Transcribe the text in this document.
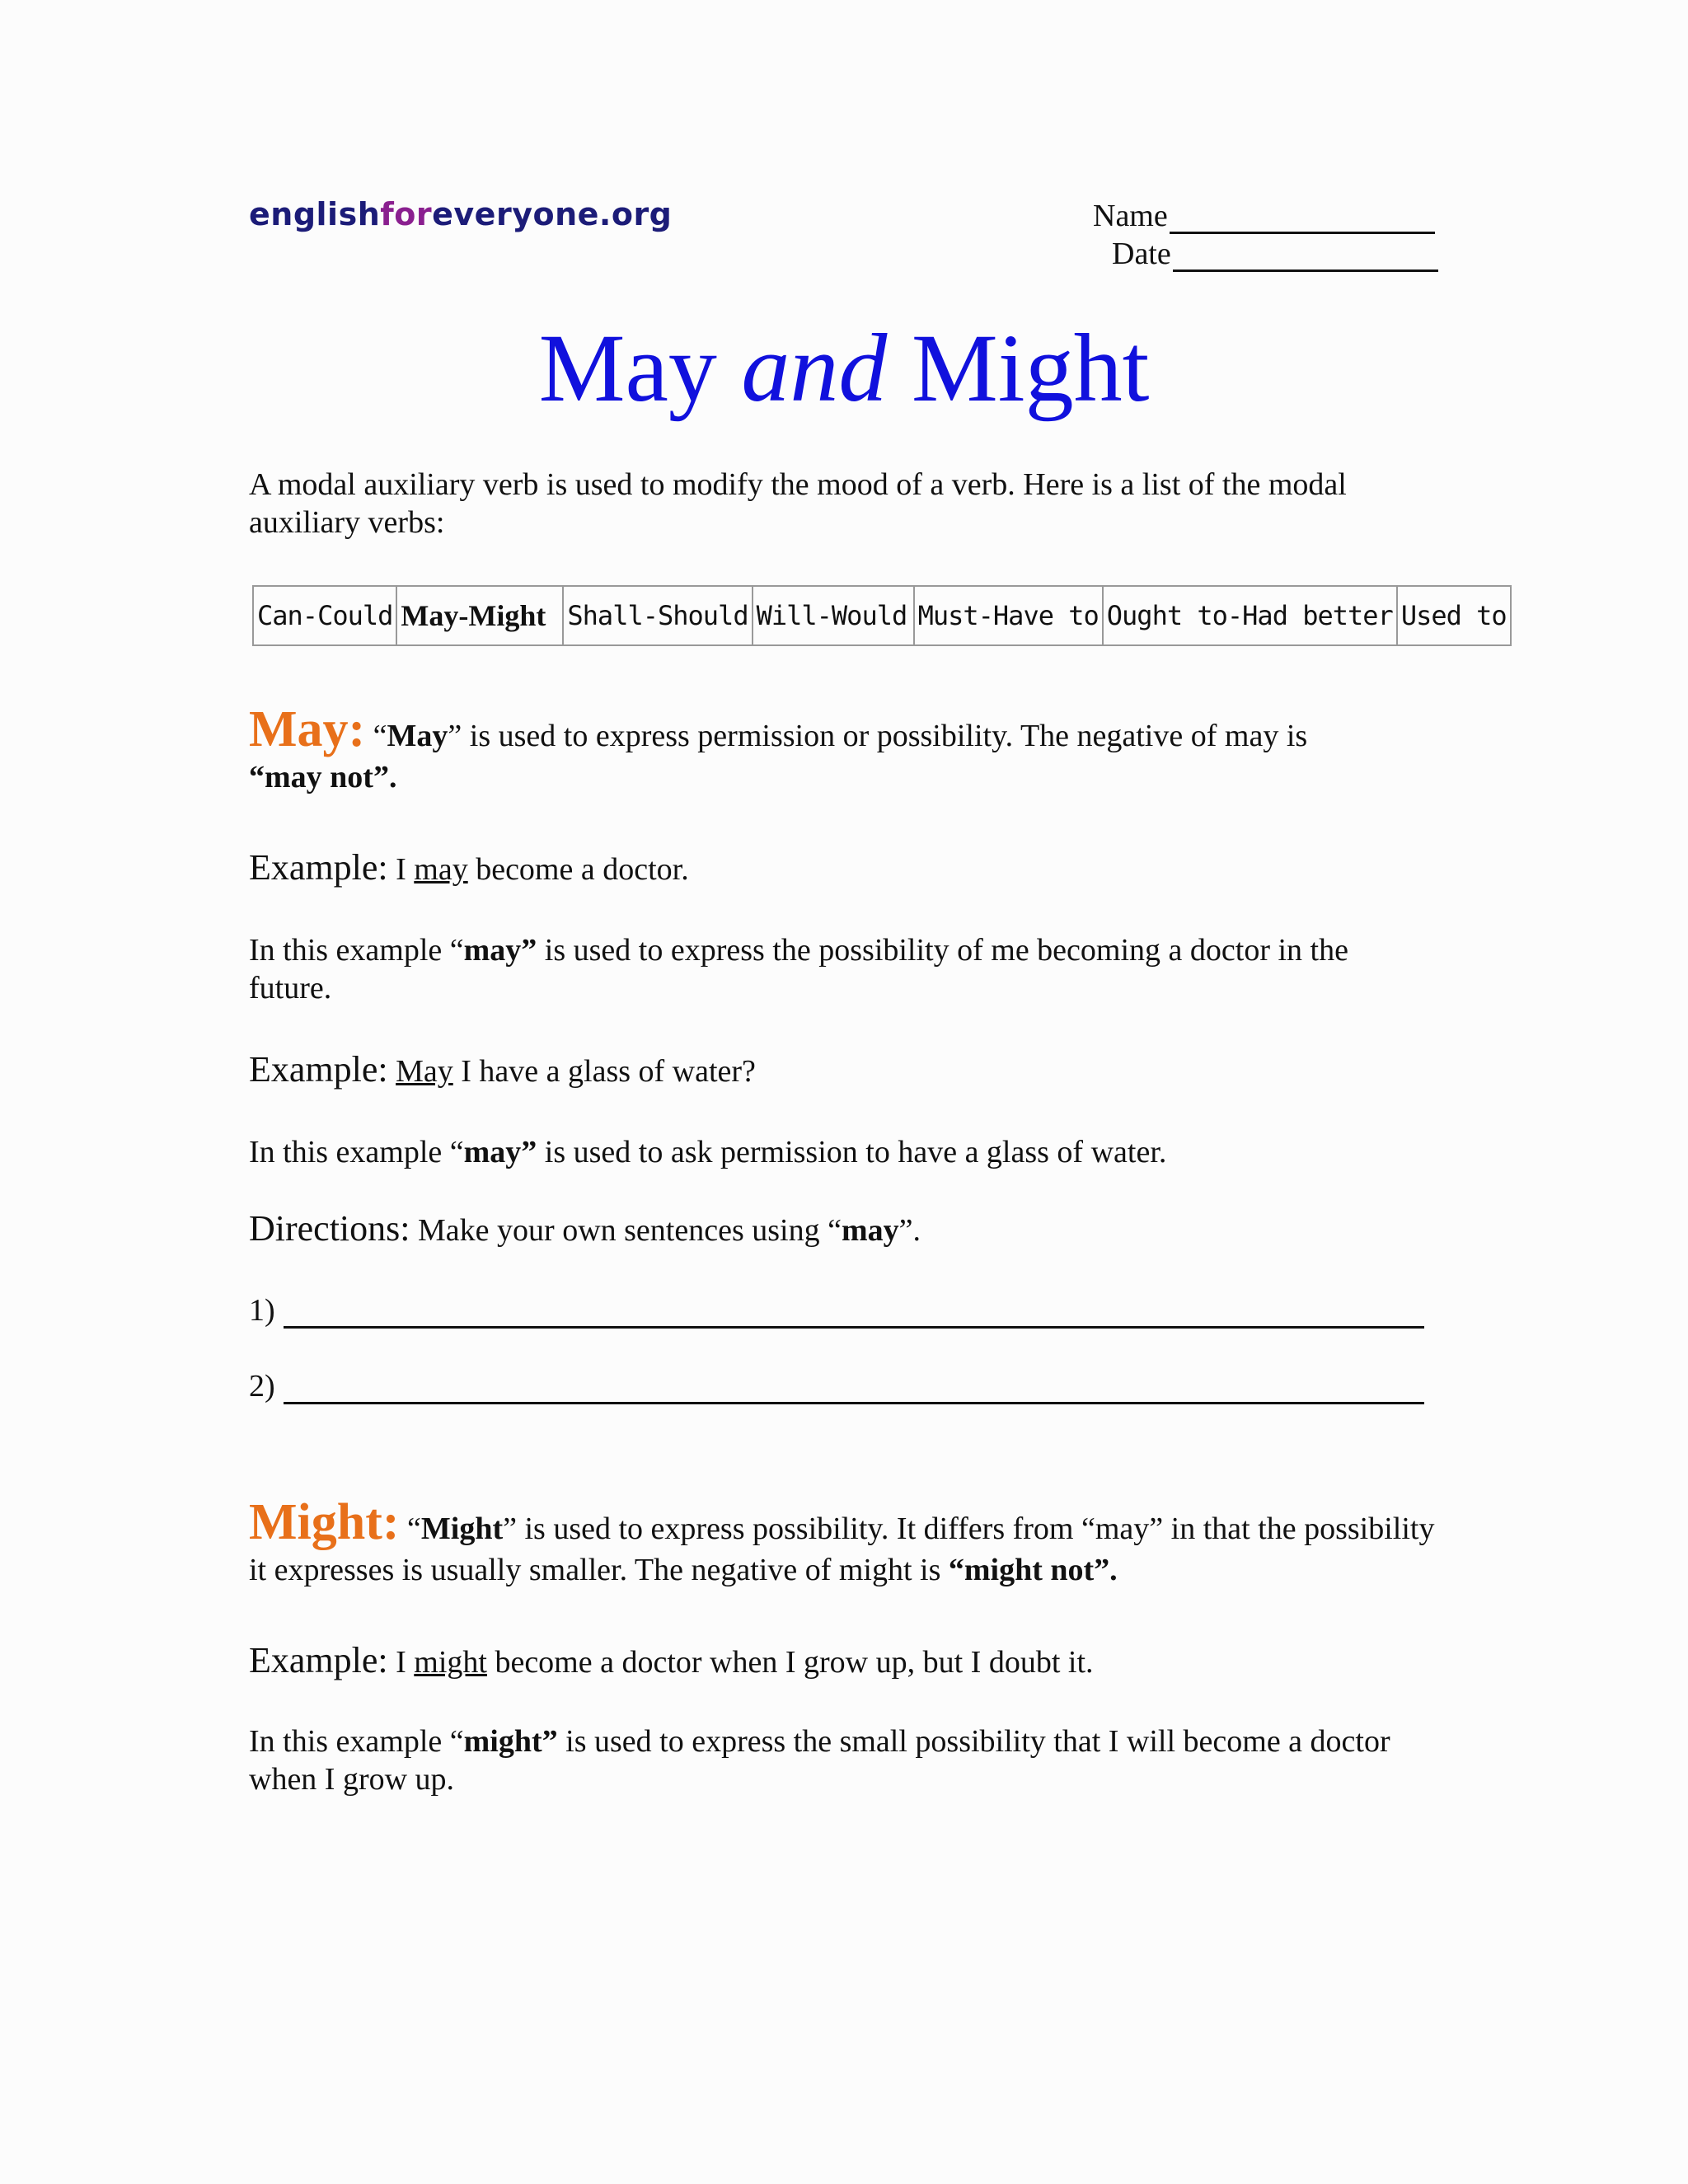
englishforeveryone.org	Name
Date
May and Might
A modal auxiliary verb is used to modify the mood of a verb. Here is a list of the modal auxiliary verbs:
Can-Could	May-Might	Shall-Should	Will-Would	Must-Have to	Ought to-Had better	Used to
May: “May” is used to express permission or possibility. The negative of may is
“may not”.
Example: I may become a doctor.
In this example “may” is used to express the possibility of me becoming a doctor in the future.
Example: May I have a glass of water?
In this example “may” is used to ask permission to have a glass of water.
Directions: Make your own sentences using “may”.
1)
2)
Might: “Might” is used to express possibility. It differs from “may” in that the possibility it expresses is usually smaller. The negative of might is “might not”.
Example: I might become a doctor when I grow up, but I doubt it.
In this example “might” is used to express the small possibility that I will become a doctor when I grow up.
